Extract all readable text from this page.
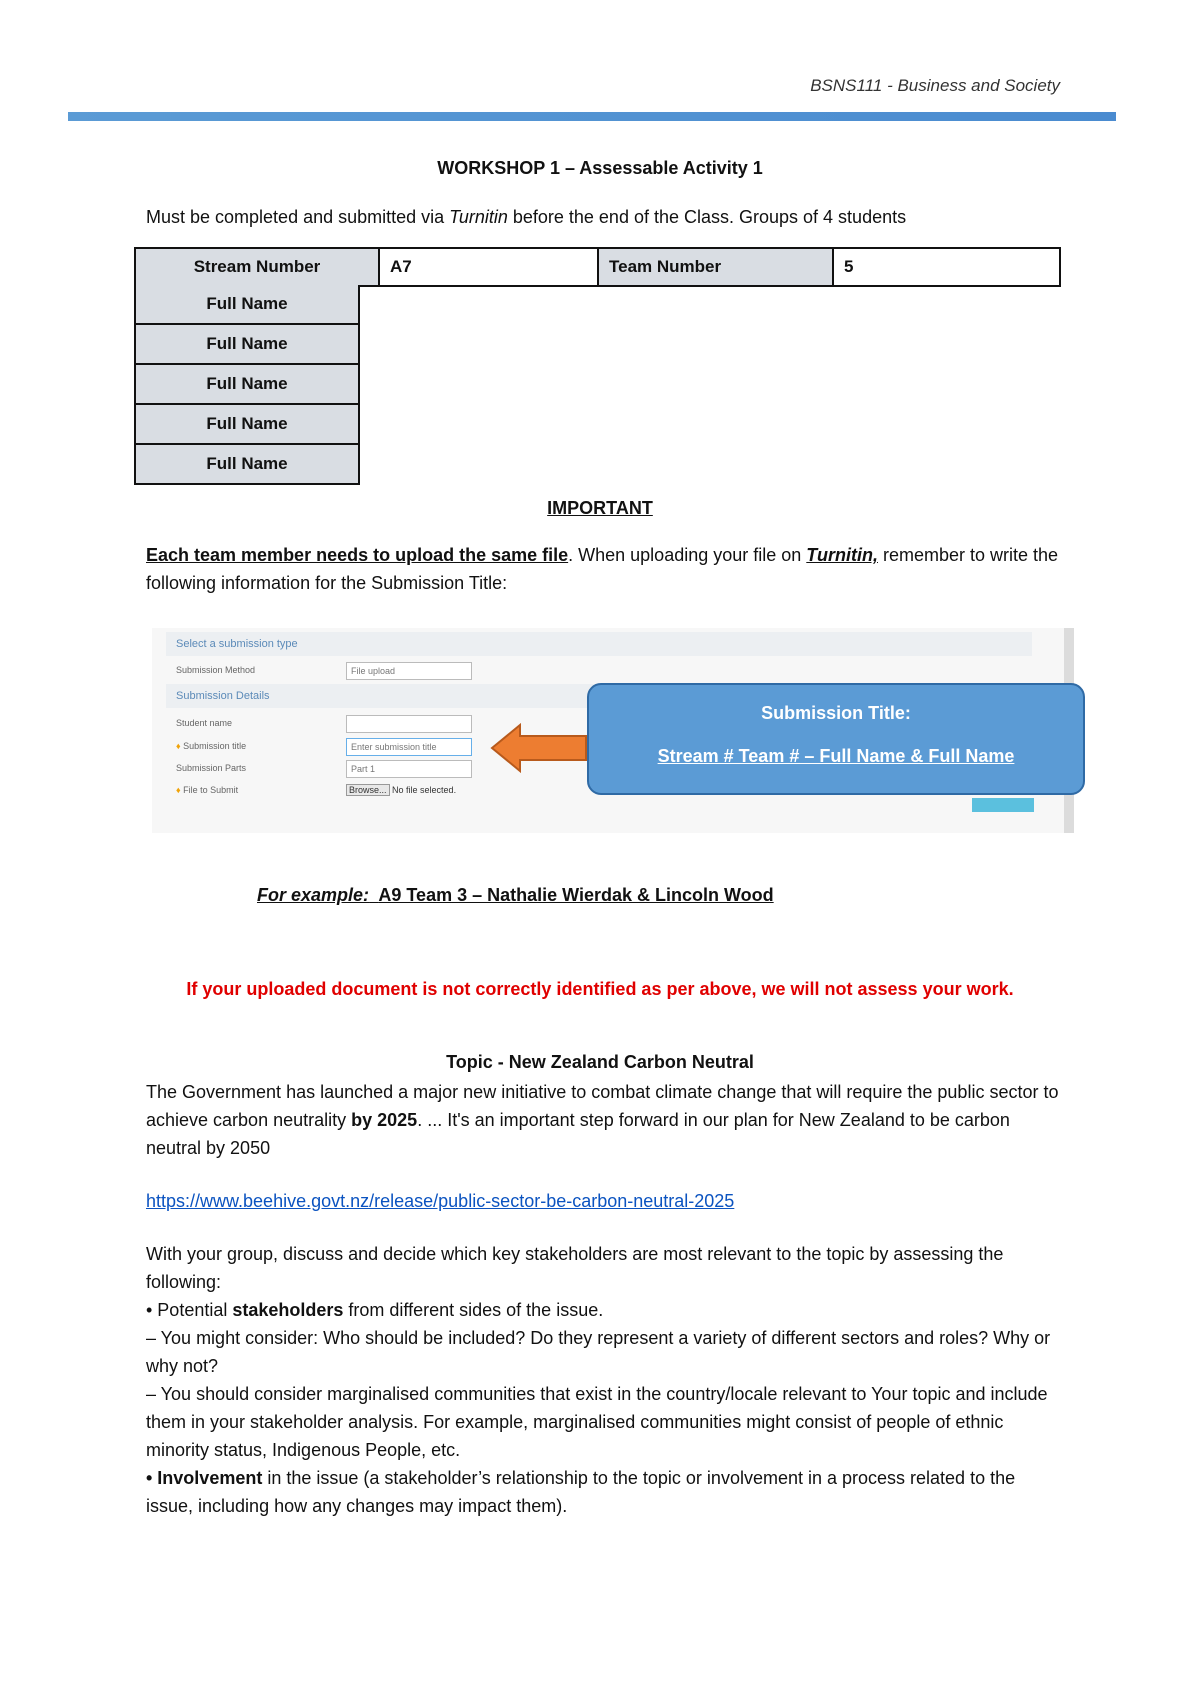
BSNS111 - Business and Society
WORKSHOP 1 – Assessable Activity 1
Must be completed and submitted via Turnitin before the end of the Class. Groups of 4 students
Stream Number	A7	Team Number	5
Full Name
Full Name
Full Name
Full Name
Full Name
IMPORTANT
Each team member needs to upload the same file. When uploading your file on Turnitin, remember to write the following information for the Submission Title:
Select a submission type
Submission Method	File upload
Submission Details
Student name
♦ Submission title	Enter submission title
Submission Parts	Part 1
♦ File to Submit	Browse... No file selected.
Submission Title:
Stream # Team # – Full Name & Full Name
For example: A9 Team 3 – Nathalie Wierdak & Lincoln Wood
If your uploaded document is not correctly identified as per above, we will not assess your work.
Topic - New Zealand Carbon Neutral
The Government has launched a major new initiative to combat climate change that will require the public sector to achieve carbon neutrality by 2025. ... It's an important step forward in our plan for New Zealand to be carbon neutral by 2050
https://www.beehive.govt.nz/release/public-sector-be-carbon-neutral-2025
With your group, discuss and decide which key stakeholders are most relevant to the topic by assessing the following:
• Potential stakeholders from different sides of the issue.
– You might consider: Who should be included? Do they represent a variety of different sectors and roles? Why or why not?
– You should consider marginalised communities that exist in the country/locale relevant to Your topic and include them in your stakeholder analysis. For example, marginalised communities might consist of people of ethnic minority status, Indigenous People, etc.
• Involvement in the issue (a stakeholder’s relationship to the topic or involvement in a process related to the issue, including how any changes may impact them).
